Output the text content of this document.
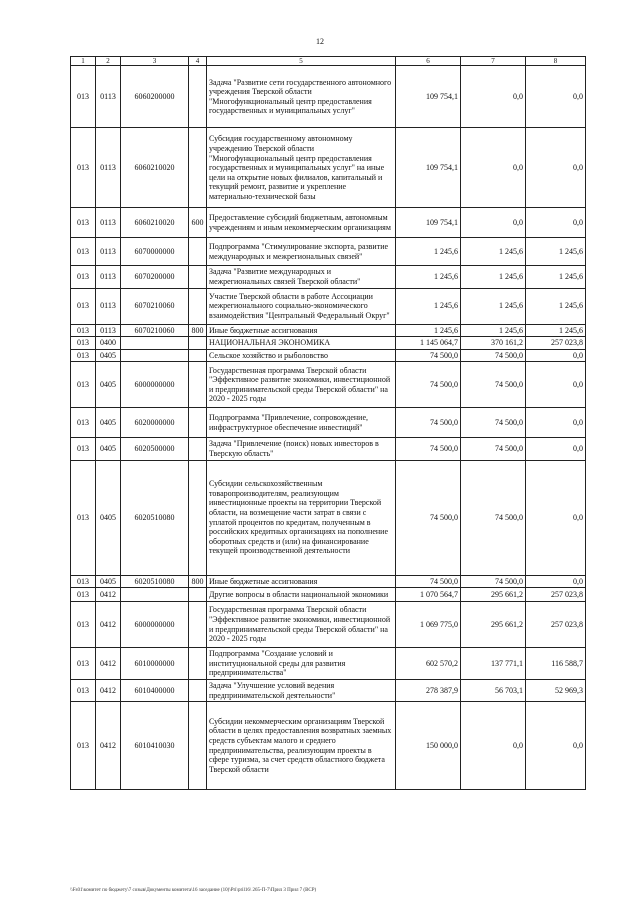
12
1	2	3	4	5	6	7	8
013	0113	6060200000		Задача "Развитие сети государственного автономного учреждения Тверской области "Многофункциональный центр предоставления государственных и муниципальных услуг"	109 754,1	0,0	0,0
013	0113	6060210020		Субсидия государственному автономному учреждению Тверской области "Многофункциональный центр предоставления государственных и муниципальных услуг" на иные цели на открытие новых филиалов, капитальный и текущий ремонт, развитие и укрепление материально-технической базы	109 754,1	0,0	0,0
013	0113	6060210020	600	Предоставление субсидий бюджетным, автономным учреждениям и иным некоммерческим организациям	109 754,1	0,0	0,0
013	0113	6070000000		Подпрограмма "Стимулирование экспорта, развитие международных и межрегиональных связей"	1 245,6	1 245,6	1 245,6
013	0113	6070200000		Задача "Развитие международных и межрегиональных связей Тверской области"	1 245,6	1 245,6	1 245,6
013	0113	6070210060		Участие Тверской области в работе Ассоциации межрегионального социально-экономического взаимодействия "Центральный Федеральный Округ"	1 245,6	1 245,6	1 245,6
013	0113	6070210060	800	Иные бюджетные ассигнования	1 245,6	1 245,6	1 245,6
013	0400			НАЦИОНАЛЬНАЯ ЭКОНОМИКА	1 145 064,7	370 161,2	257 023,8
013	0405			Сельское хозяйство и рыболовство	74 500,0	74 500,0	0,0
013	0405	6000000000		Государственная программа Тверской области "Эффективное развитие экономики, инвестиционной и предпринимательской среды Тверской области" на 2020 - 2025 годы	74 500,0	74 500,0	0,0
013	0405	6020000000		Подпрограмма "Привлечение, сопровождение, инфраструктурное обеспечение инвестиций"	74 500,0	74 500,0	0,0
013	0405	6020500000		Задача "Привлечение (поиск) новых инвесторов в Тверскую область"	74 500,0	74 500,0	0,0
013	0405	6020510080		Субсидии сельскохозяйственным товаропроизводителям, реализующим инвестиционные проекты на территории Тверской области, на возмещение части затрат в связи с уплатой процентов по кредитам, полученным в российских кредитных организациях на пополнение оборотных средств и (или) на финансирование текущей производственной деятельности	74 500,0	74 500,0	0,0
013	0405	6020510080	800	Иные бюджетные ассигнования	74 500,0	74 500,0	0,0
013	0412			Другие вопросы в области национальной экономики	1 070 564,7	295 661,2	257 023,8
013	0412	6000000000		Государственная программа Тверской области "Эффективное развитие экономики, инвестиционной и предпринимательской среды Тверской области" на 2020 - 2025 годы	1 069 775,0	295 661,2	257 023,8
013	0412	6010000000		Подпрограмма "Создание условий и институциональной среды для развития предпринимательства"	602 570,2	137 771,1	116 588,7
013	0412	6010400000		Задача "Улучшение условий ведения предпринимательской деятельности"	278 387,9	56 703,1	52 969,3
013	0412	6010410030		Субсидии некоммерческим организациям Тверской области в целях предоставления возвратных заемных средств субъектам малого и среднего предпринимательства, реализующим проекты в сфере туризма, за счет средств областного бюджета Тверской области	150 000,0	0,0	0,0
\\Fs01\комитет по бюджету\7 созыв\Документы комитета\16 заседание (10)\Pri\pril16\ 265-П-7\Прил 3 Прил 7 (ВСР)
